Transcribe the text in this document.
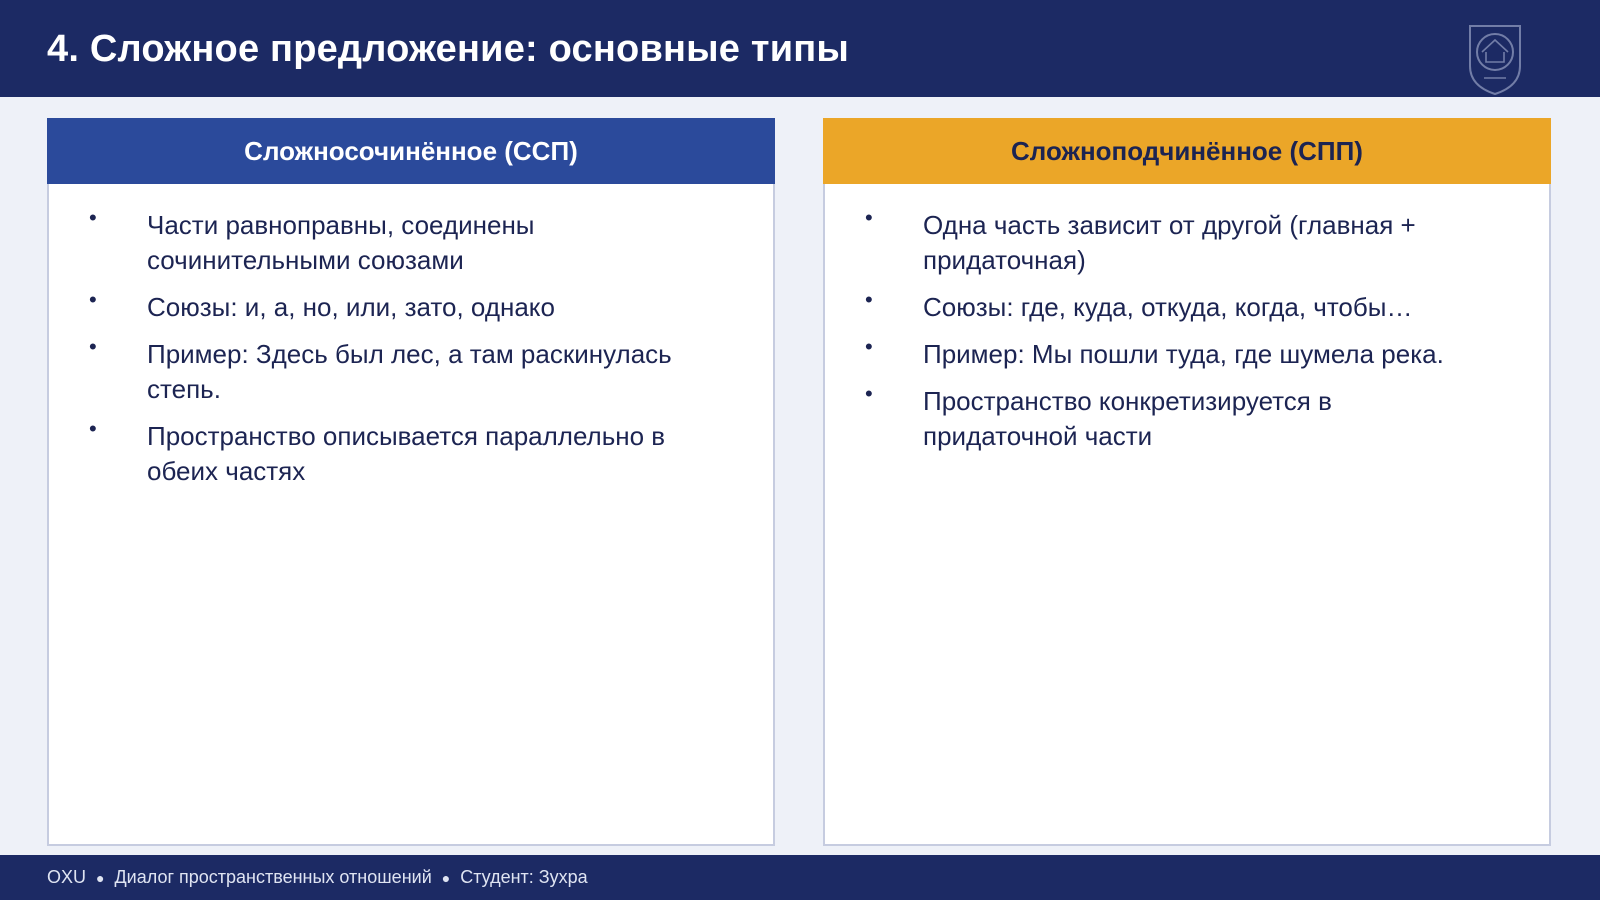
4. Сложное предложение: основные типы
Сложносочинённое (ССП)
•	Части равноправны, соединены сочинительными союзами
•	Союзы: и, а, но, или, зато, однако
•	Пример: Здесь был лес, а там раскинулась степь.
•	Пространство описывается параллельно в обеих частях
Сложноподчинённое (СПП)
•	Одна часть зависит от другой (главная + придаточная)
•	Союзы: где, куда, откуда, когда, чтобы…
•	Пример: Мы пошли туда, где шумела река.
•	Пространство конкретизируется в придаточной части
OXU ● Диалог пространственных отношений ● Студент: Зухра
